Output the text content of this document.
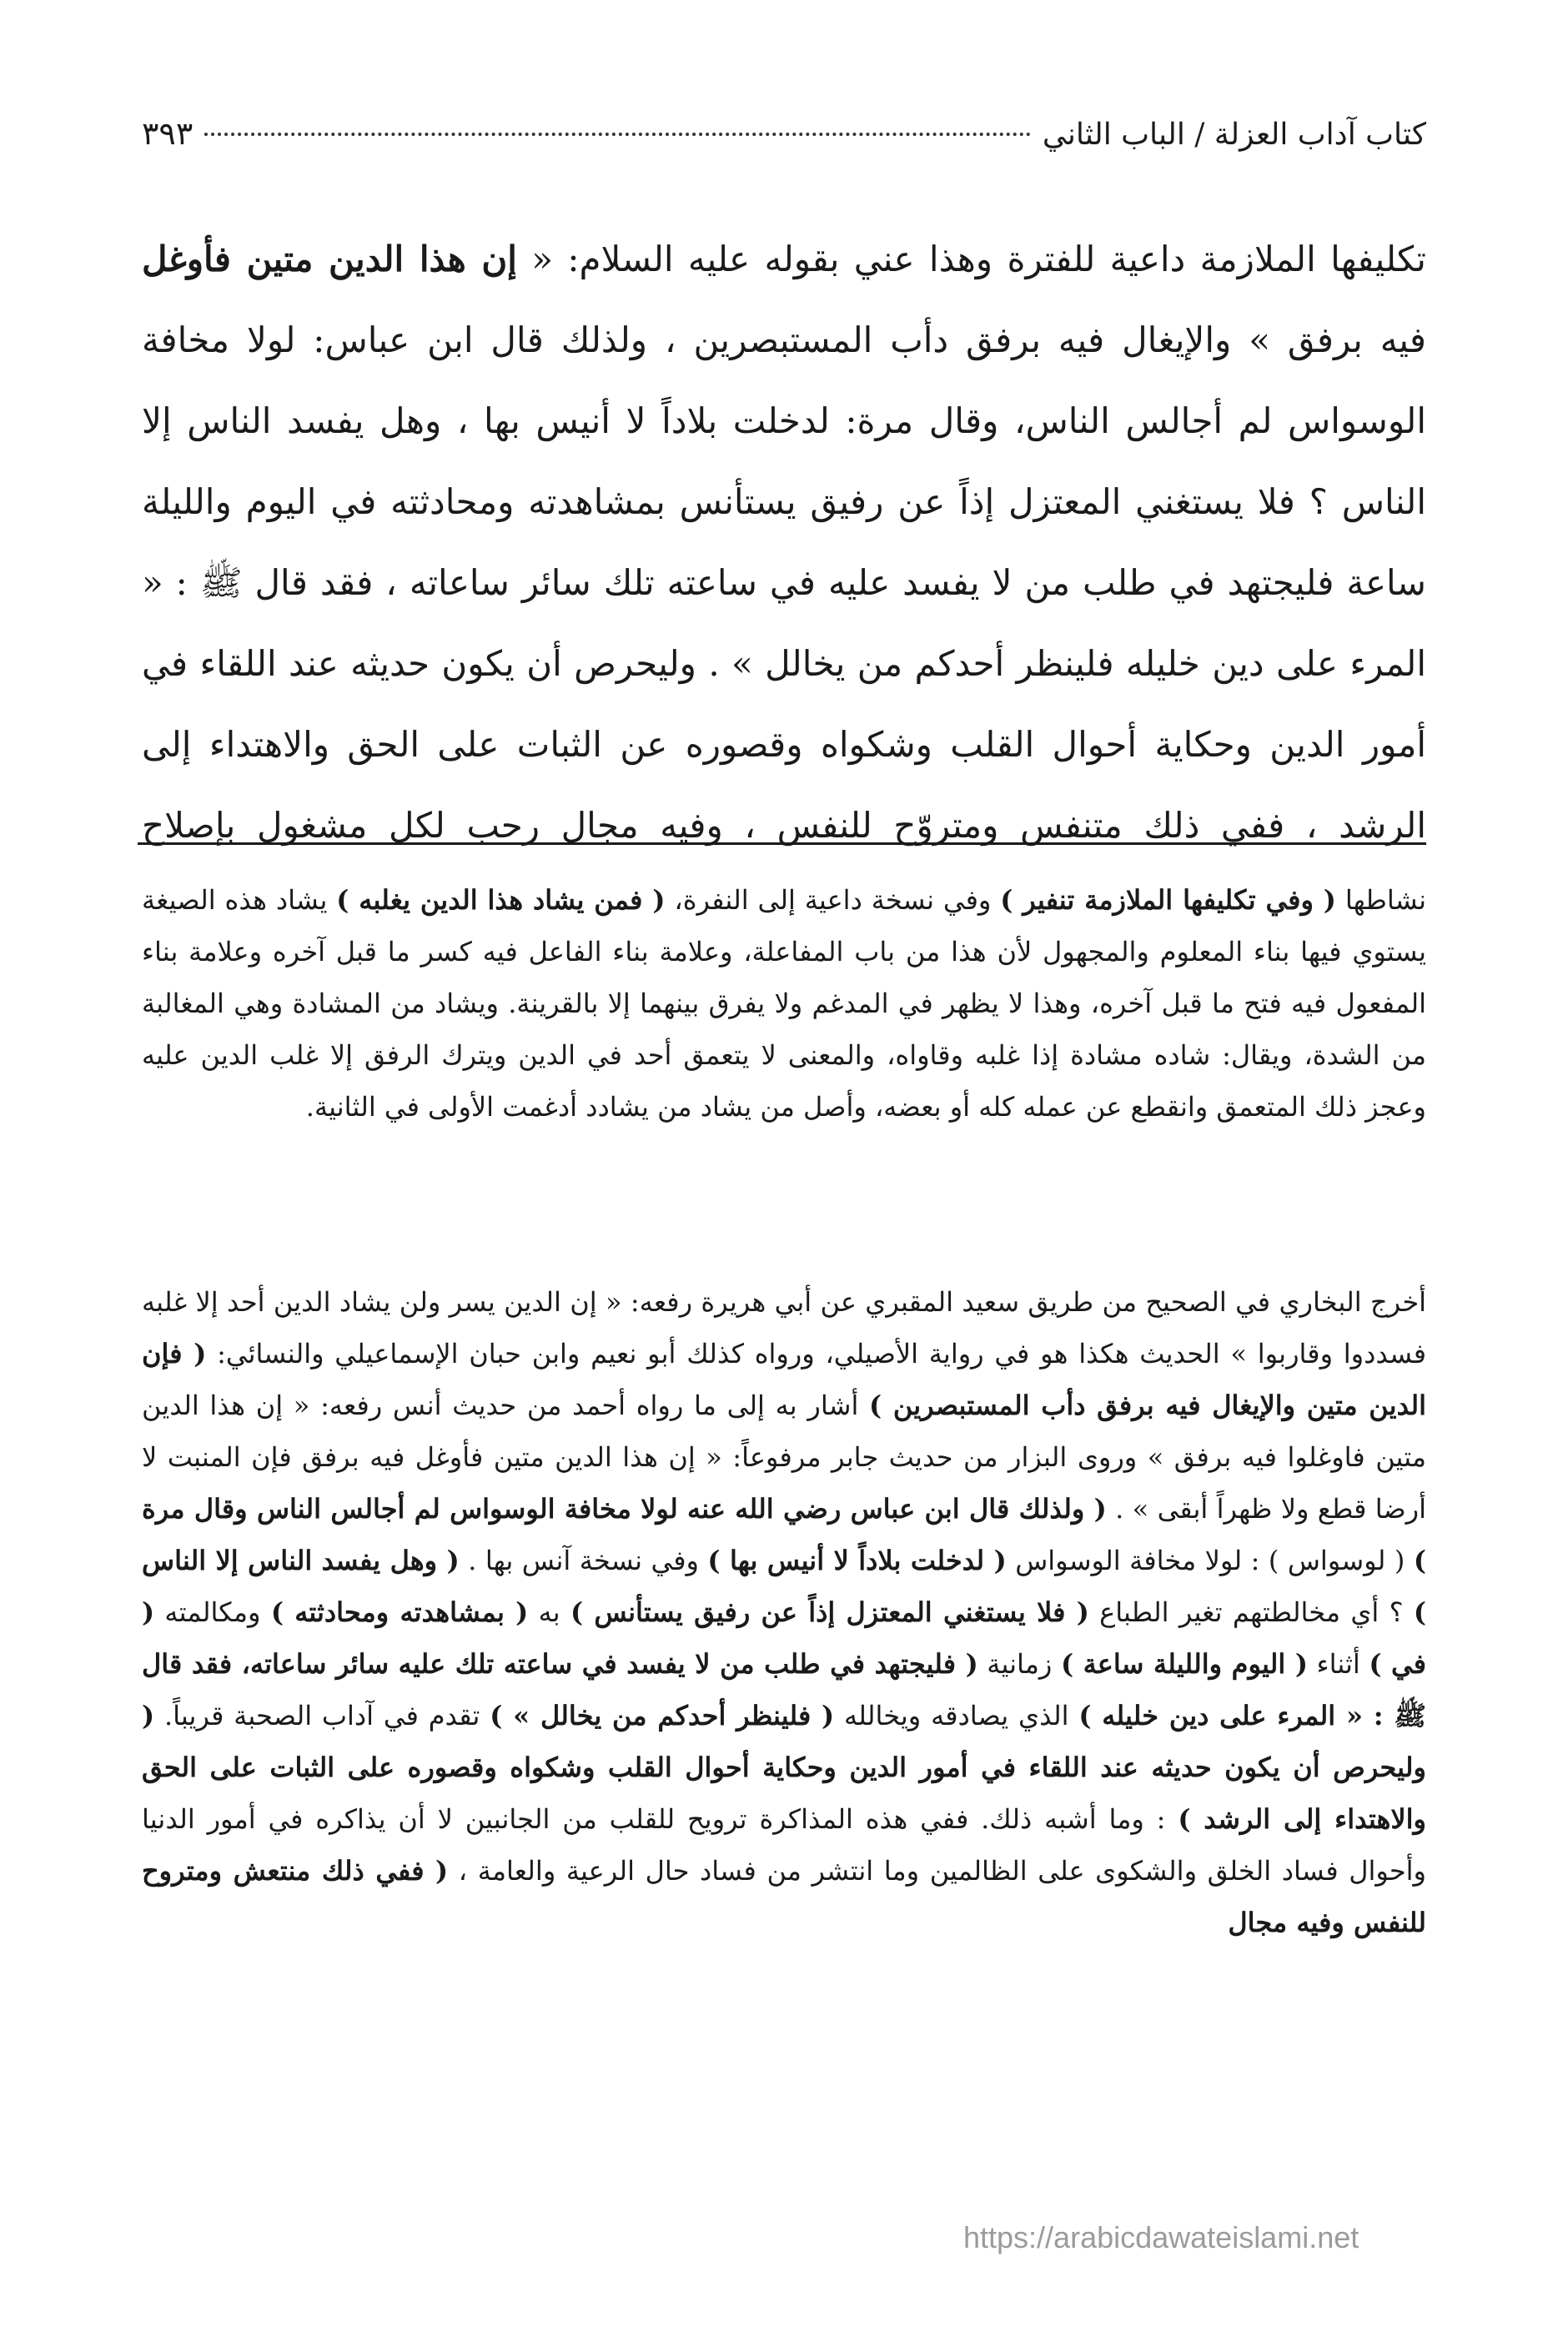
كتاب آداب العزلة / الباب الثاني
٣٩٣

تكليفها الملازمة داعية للفترة وهذا عني بقوله عليه السلام: « إن هذا الدين متين فأوغل فيه برفق » والإيغال فيه برفق دأب المستبصرين ، ولذلك قال ابن عباس: لولا مخافة الوسواس لم أجالس الناس، وقال مرة: لدخلت بلاداً لا أنيس بها ، وهل يفسد الناس إلا الناس ؟ فلا يستغني المعتزل إذاً عن رفيق يستأنس بمشاهدته ومحادثته في اليوم والليلة ساعة فليجتهد في طلب من لا يفسد عليه في ساعته تلك سائر ساعاته ، فقد قال ﷺ : « المرء على دين خليله فلينظر أحدكم من يخالل » . وليحرص أن يكون حديثه عند اللقاء في أمور الدين وحكاية أحوال القلب وشكواه وقصوره عن الثبات على الحق والاهتداء إلى الرشد ، ففي ذلك متنفس ومتروّح للنفس ، وفيه مجال رحب لكل مشغول بإصلاح

نشاطها ( وفي تكليفها الملازمة تنفير ) وفي نسخة داعية إلى النفرة، ( فمن يشاد هذا الدين يغلبه ) يشاد هذه الصيغة يستوي فيها بناء المعلوم والمجهول لأن هذا من باب المفاعلة، وعلامة بناء الفاعل فيه كسر ما قبل آخره وعلامة بناء المفعول فيه فتح ما قبل آخره، وهذا لا يظهر في المدغم ولا يفرق بينهما إلا بالقرينة. ويشاد من المشادة وهي المغالبة من الشدة، ويقال: شاده مشادة إذا غلبه وقاواه، والمعنى لا يتعمق أحد في الدين ويترك الرفق إلا غلب الدين عليه وعجز ذلك المتعمق وانقطع عن عمله كله أو بعضه، وأصل من يشاد من يشادد أدغمت الأولى في الثانية.

أخرج البخاري في الصحيح من طريق سعيد المقبري عن أبي هريرة رفعه: « إن الدين يسر ولن يشاد الدين أحد إلا غلبه فسددوا وقاربوا » الحديث هكذا هو في رواية الأصيلي، ورواه كذلك أبو نعيم وابن حبان الإسماعيلي والنسائي: ( فإن الدين متين والإيغال فيه برفق دأب المستبصرين ) أشار به إلى ما رواه أحمد من حديث أنس رفعه: « إن هذا الدين متين فاوغلوا فيه برفق » وروى البزار من حديث جابر مرفوعاً: « إن هذا الدين متين فأوغل فيه برفق فإن المنبت لا أرضا قطع ولا ظهراً أبقى » . ( ولذلك قال ابن عباس رضي الله عنه لولا مخافة الوسواس لم أجالس الناس وقال مرة ) ( لوسواس ) : لولا مخافة الوسواس ( لدخلت بلاداً لا أنيس بها ) وفي نسخة آنس بها . ( وهل يفسد الناس إلا الناس ) ؟ أي مخالطتهم تغير الطباع ( فلا يستغني المعتزل إذاً عن رفيق يستأنس ) به ( بمشاهدته ومحادثته ) ومكالمته ( في ) أثناء ( اليوم والليلة ساعة ) زمانية ( فليجتهد في طلب من لا يفسد في ساعته تلك عليه سائر ساعاته، فقد قال ﷺ : « المرء على دين خليله ) الذي يصادقه ويخالله ( فلينظر أحدكم من يخالل » ) تقدم في آداب الصحبة قريباً. ( وليحرص أن يكون حديثه عند اللقاء في أمور الدين وحكاية أحوال القلب وشكواه وقصوره على الثبات على الحق والاهتداء إلى الرشد ) : وما أشبه ذلك. ففي هذه المذاكرة ترويح للقلب من الجانبين لا أن يذاكره في أمور الدنيا وأحوال فساد الخلق والشكوى على الظالمين وما انتشر من فساد حال الرعية والعامة ، ( ففي ذلك منتعش ومتروح للنفس وفيه مجال

https://arabicdawateislami.net
